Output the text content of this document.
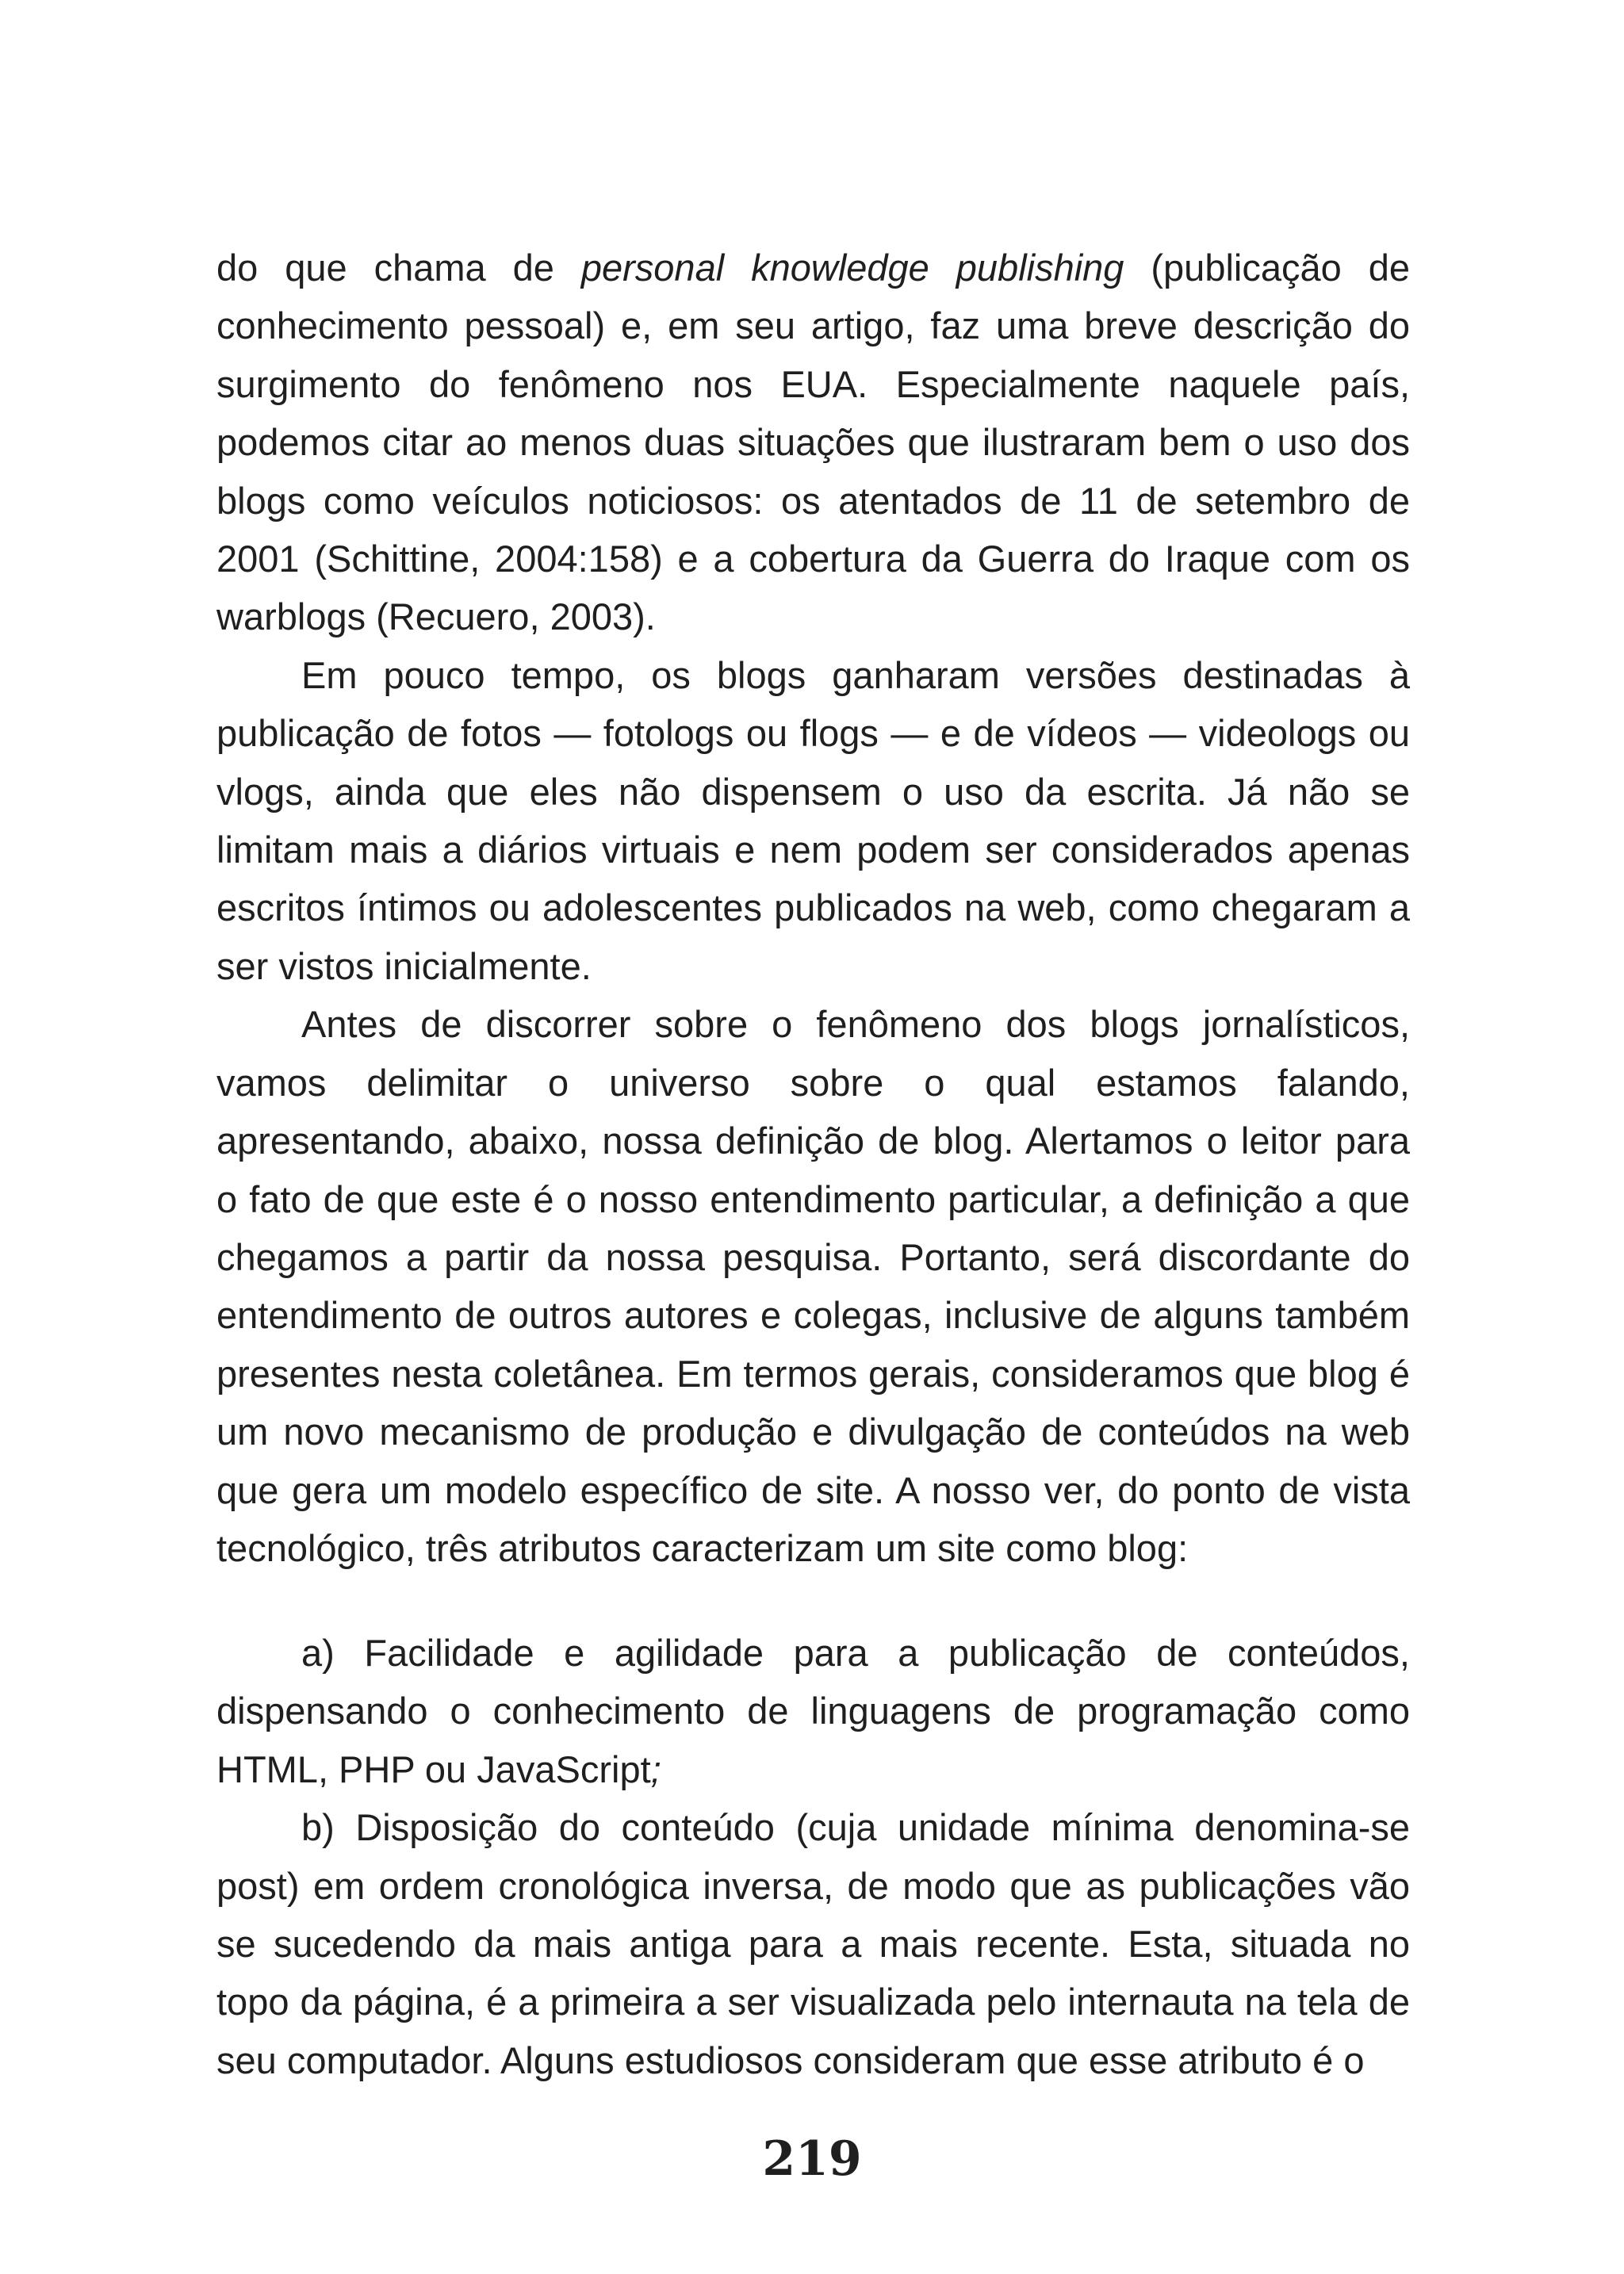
do que chama de personal knowledge publishing (publicação de conhecimento pessoal) e, em seu artigo, faz uma breve descrição do surgimento do fenômeno nos EUA. Especialmente naquele país, podemos citar ao menos duas situações que ilustraram bem o uso dos blogs como veículos noticiosos: os atentados de 11 de setembro de 2001 (Schittine, 2004:158) e a cobertura da Guerra do Iraque com os warblogs (Recuero, 2003).

Em pouco tempo, os blogs ganharam versões destinadas à publicação de fotos — fotologs ou flogs — e de vídeos — videologs ou vlogs, ainda que eles não dispensem o uso da escrita. Já não se limitam mais a diários virtuais e nem podem ser considerados apenas escritos íntimos ou adolescentes publicados na web, como chegaram a ser vistos inicialmente.

Antes de discorrer sobre o fenômeno dos blogs jornalísticos, vamos delimitar o universo sobre o qual estamos falando, apresentando, abaixo, nossa definição de blog. Alertamos o leitor para o fato de que este é o nosso entendimento particular, a definição a que chegamos a partir da nossa pesquisa. Portanto, será discordante do entendimento de outros autores e colegas, inclusive de alguns também presentes nesta coletânea. Em termos gerais, consideramos que blog é um novo mecanismo de produção e divulgação de conteúdos na web que gera um modelo específico de site. A nosso ver, do ponto de vista tecnológico, três atributos caracterizam um site como blog:

a) Facilidade e agilidade para a publicação de conteúdos, dispensando o conhecimento de linguagens de programação como HTML, PHP ou JavaScript;

b) Disposição do conteúdo (cuja unidade mínima denomina-se post) em ordem cronológica inversa, de modo que as publicações vão se sucedendo da mais antiga para a mais recente. Esta, situada no topo da página, é a primeira a ser visualizada pelo internauta na tela de seu computador. Alguns estudiosos consideram que esse atributo é o

219
